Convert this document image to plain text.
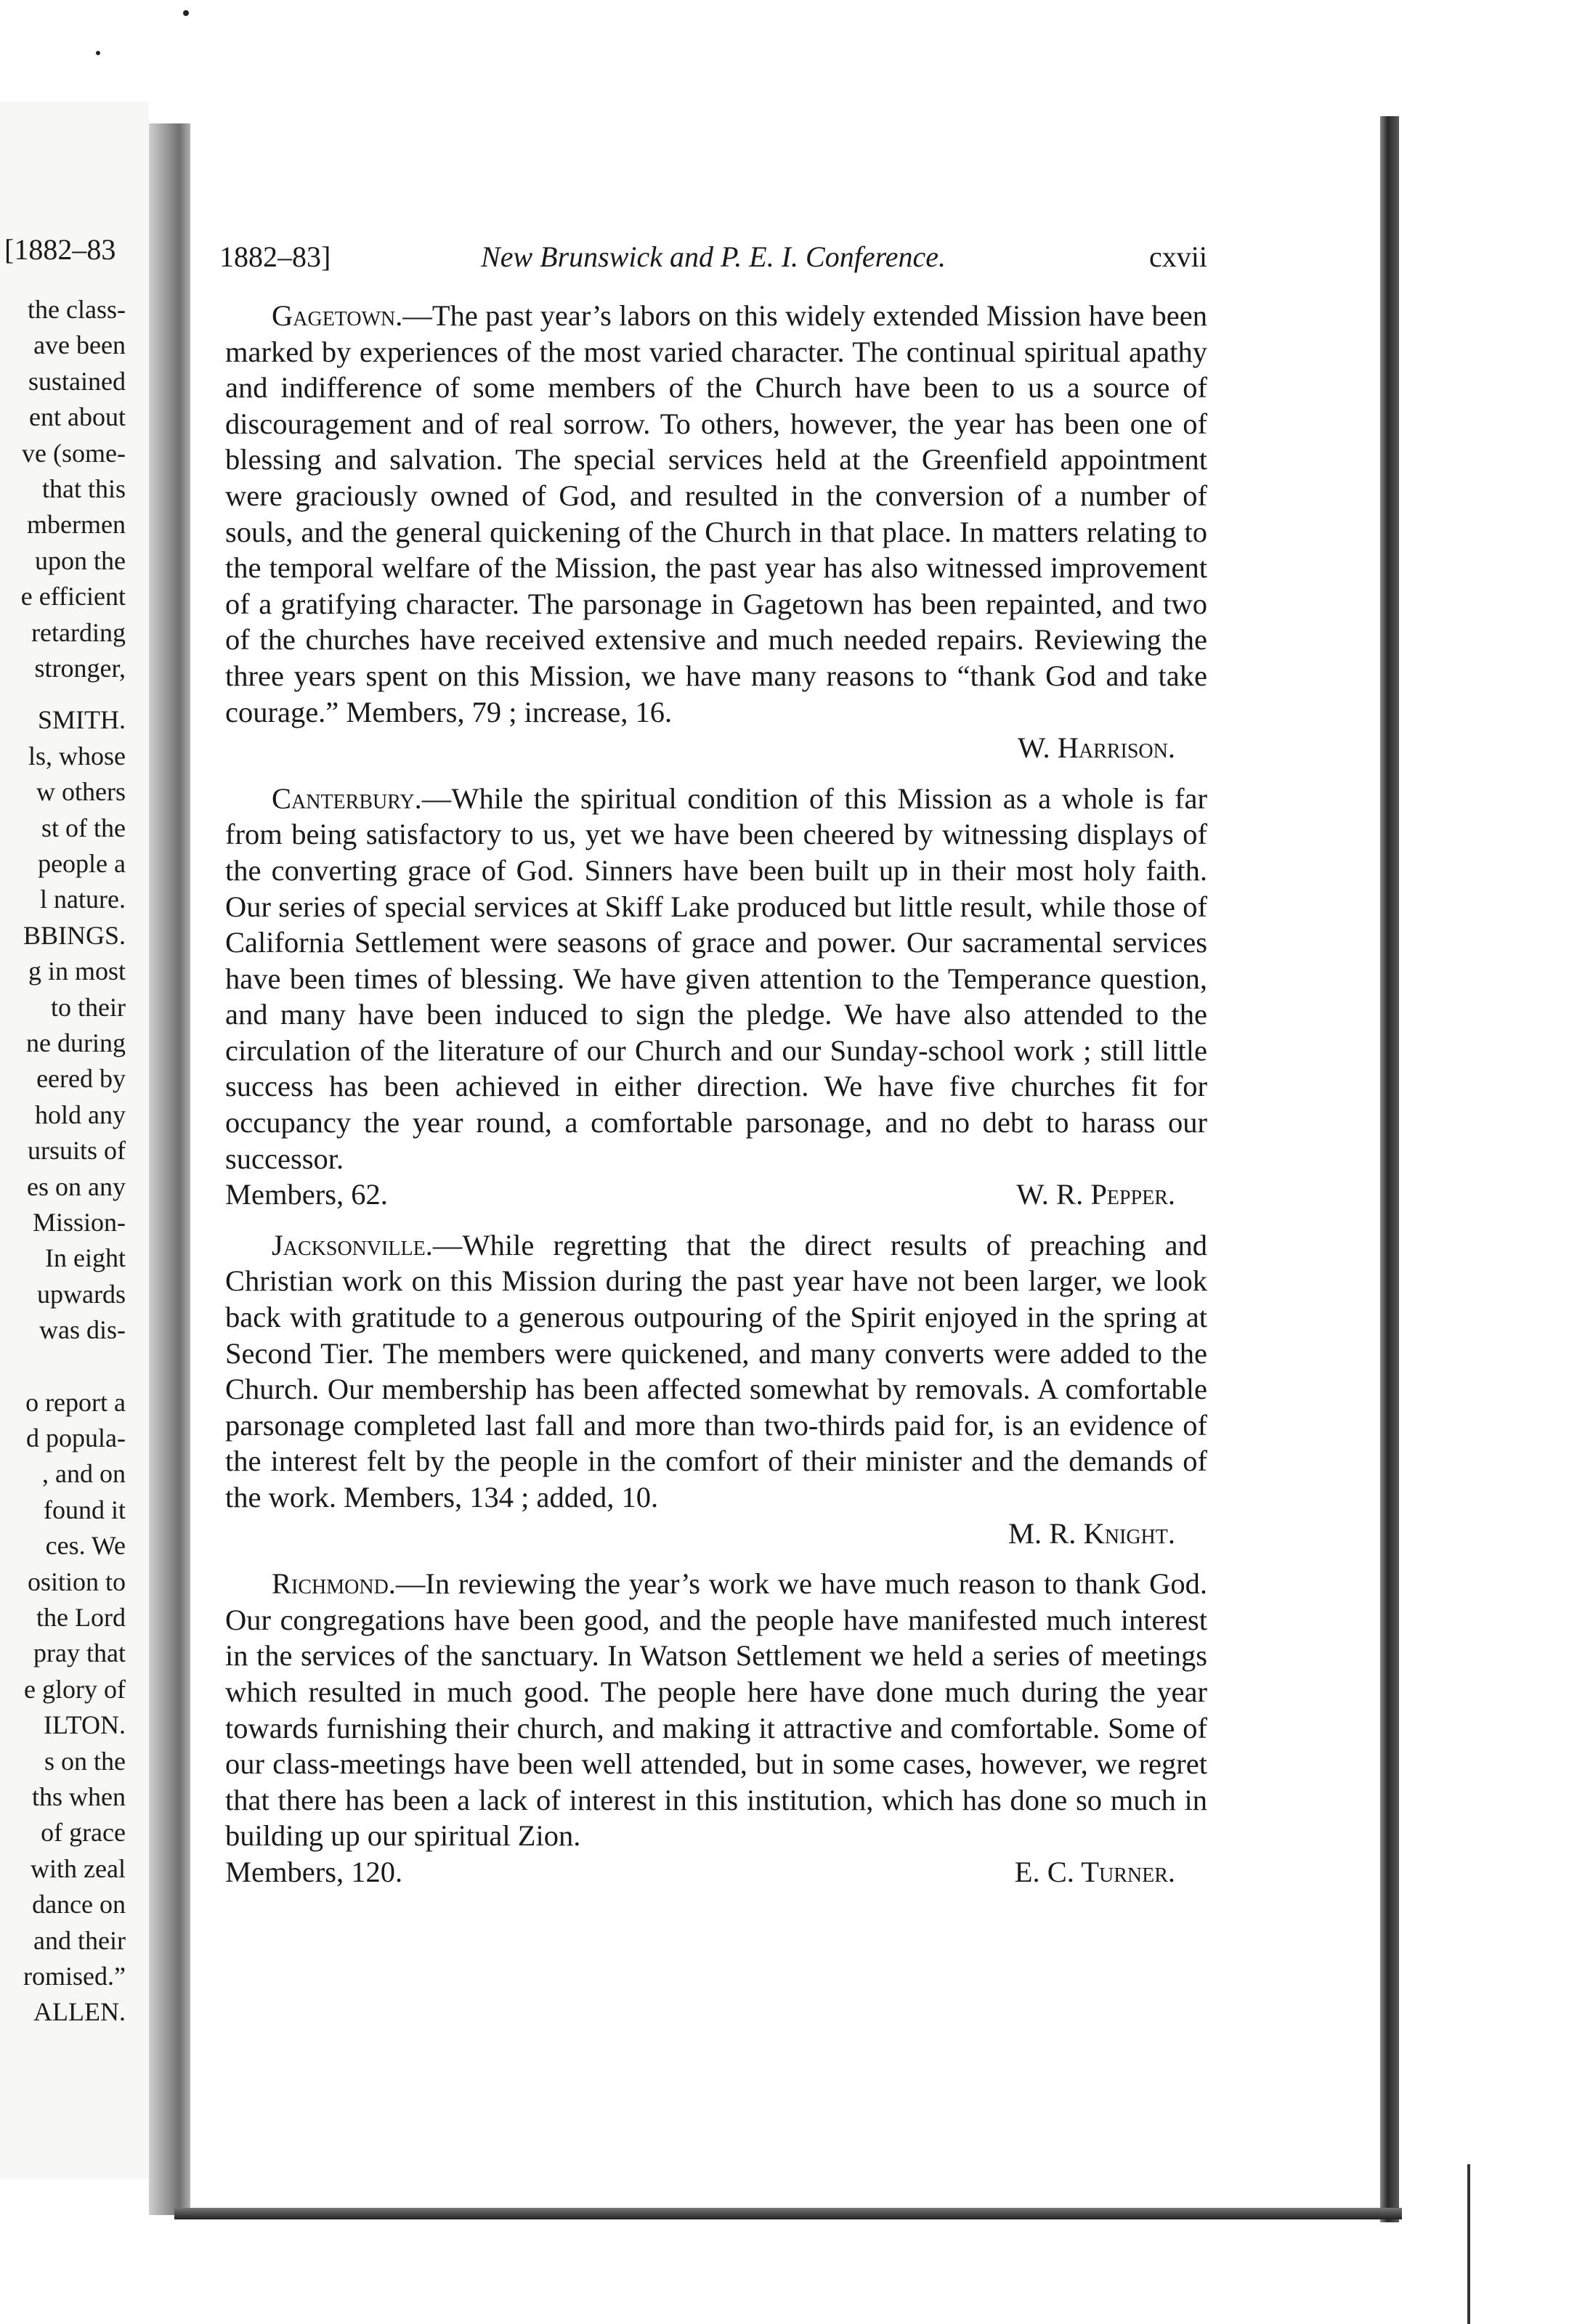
[1882–83
the class-
ave been
sustained
ent about
ve (some-
that this
mbermen
upon the
e efficient
retarding
stronger,
SMITH.
ls, whose
w others
st of the
people a
l nature.
BBINGS.
g in most
to their
ne during
eered by
hold any
ursuits of
es on any
Mission-
In eight
upwards
was dis-
o report a
d popula-
, and on
found it
ces. We
osition to
the Lord
pray that
e glory of
ILTON.
s on the
ths when
of grace
with zeal
dance on
and their
romised.”
ALLEN.
1882–83]	New Brunswick and P. E. I. Conference.	cxvii

Gagetown.—The past year’s labors on this widely extended Mission have been marked by experiences of the most varied character. The continual spiritual apathy and indifference of some members of the Church have been to us a source of discouragement and of real sorrow. To others, however, the year has been one of blessing and salvation. The special services held at the Greenfield appointment were graciously owned of God, and resulted in the conversion of a number of souls, and the general quickening of the Church in that place. In matters relating to the temporal welfare of the Mission, the past year has also witnessed improvement of a gratifying character. The parsonage in Gagetown has been repainted, and two of the churches have received extensive and much needed repairs. Reviewing the three years spent on this Mission, we have many reasons to “thank God and take courage.” Members, 79 ; increase, 16.

W. Harrison.

Canterbury.—While the spiritual condition of this Mission as a whole is far from being satisfactory to us, yet we have been cheered by witnessing displays of the converting grace of God. Sinners have been built up in their most holy faith. Our series of special services at Skiff Lake produced but little result, while those of California Settlement were seasons of grace and power. Our sacramental services have been times of blessing. We have given attention to the Temperance question, and many have been induced to sign the pledge. We have also attended to the circulation of the literature of our Church and our Sunday-school work ; still little success has been achieved in either direction. We have five churches fit for occupancy the year round, a comfortable parsonage, and no debt to harass our successor.

Members, 62.	W. R. Pepper.

Jacksonville.—While regretting that the direct results of preaching and Christian work on this Mission during the past year have not been larger, we look back with gratitude to a generous outpouring of the Spirit enjoyed in the spring at Second Tier. The members were quickened, and many converts were added to the Church. Our membership has been affected somewhat by removals. A comfortable parsonage completed last fall and more than two-thirds paid for, is an evidence of the interest felt by the people in the comfort of their minister and the demands of the work. Members, 134 ; added, 10.

M. R. Knight.

Richmond.—In reviewing the year’s work we have much reason to thank God. Our congregations have been good, and the people have manifested much interest in the services of the sanctuary. In Watson Settlement we held a series of meetings which resulted in much good. The people here have done much during the year towards furnishing their church, and making it attractive and comfortable. Some of our class-meetings have been well attended, but in some cases, however, we regret that there has been a lack of interest in this institution, which has done so much in building up our spiritual Zion.

Members, 120.	E. C. Turner.
